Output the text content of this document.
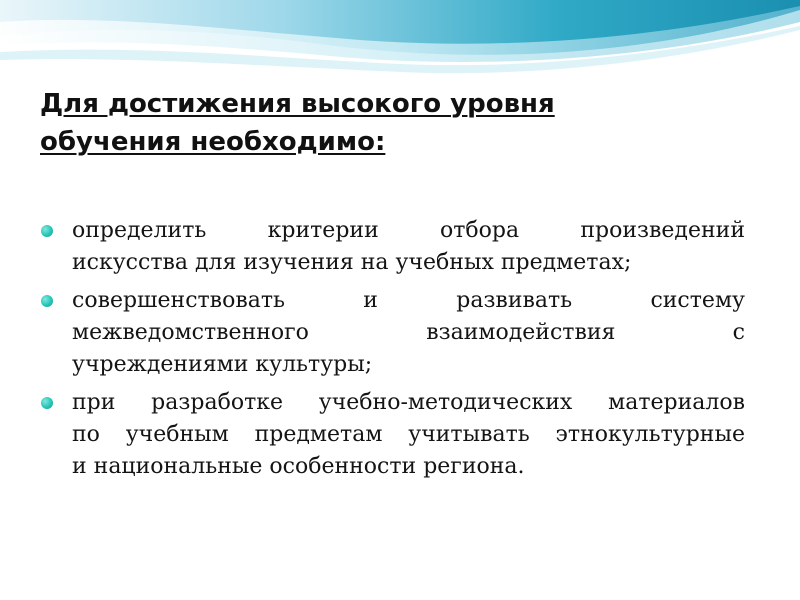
Для достижения высокого уровня
обучения необходимо:
определить критерии отбора произведений
искусства для изучения на учебных предметах;
совершенствовать и развивать систему
межведомственного взаимодействия с
учреждениями культуры;
при разработке учебно-методических материалов
по учебным предметам учитывать этнокультурные
и национальные особенности региона.
